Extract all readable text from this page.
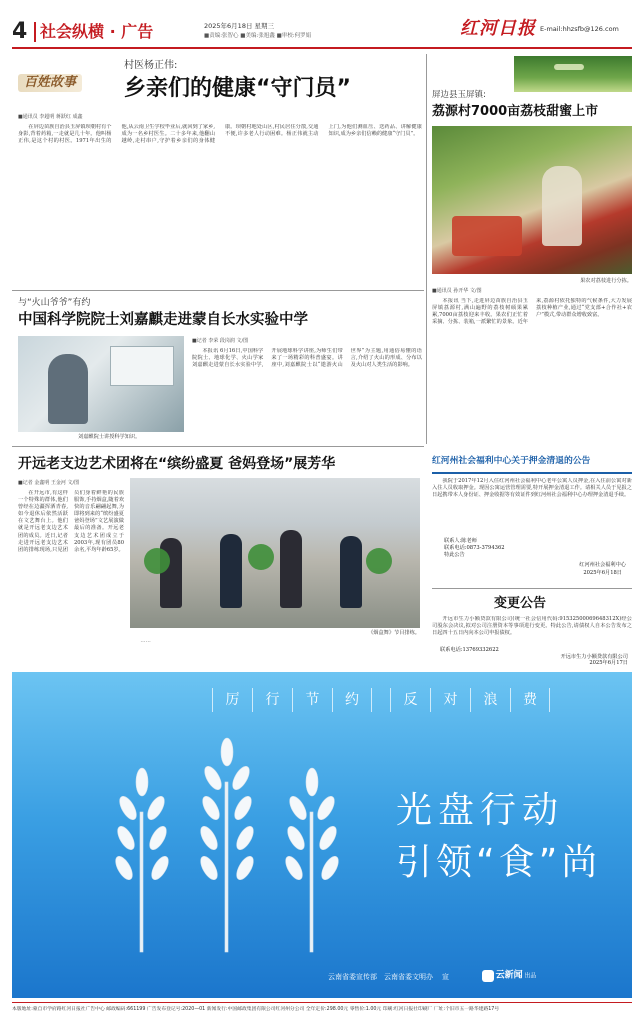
4 社会纵横 · 广告	2025年6月18日 星期三
■责编:张智心 ■美编:张旭鑫 ■审校:何罗娟	红河日报 E-mail:hhzsfb@126.com
百姓故事
村医杨正伟:
乡亲们的健康“守门员”
■通讯员 李超明 蒋跃红 成鑫

在屏边苗族自治县玉屏镇坝朝村有个身影,背着药箱,一走就是几十年。他叫杨正伟,是这个村的村医。1971年出生的他,从云南卫生学校毕业后,就回到了家乡,成为一名乡村医生。二十多年来,他翻山越岭,走村串户,守护着乡亲们的身体健康。坝朝村地处山区,村民居住分散,交通不便,许多老人行动困难。杨正伟就主动上门,为他们测血压、送药品、讲解健康知识,成为乡亲们信赖的健康“守门员”。

屏边县玉屏镇:
荔源村7000亩荔枝甜蜜上市
果农对荔枝进行分拣。
■通讯员 孙开华 文/图

本报讯 当下,走进屏边苗族自治县玉屏镇荔源村,满山遍野的荔枝树硕果累累,7000亩荔枝迎来丰收。果农们正忙着采摘、分拣、装箱,一派繁忙的景象。近年来,荔源村依托独特的气候条件,大力发展荔枝种植产业,通过“党支部+合作社+农户”模式,带动群众增收致富。

与“火山爷爷”有约
中国科学院院士刘嘉麒走进蒙自长水实验中学
刘嘉麒院士讲授科学知识。
■记者 李荣 段岗润 文/图

本报讯 6月16日,中国科学院院士、地球化学、火山学家刘嘉麒走进蒙自长水实验中学,开展地球科学讲座,为师生们带来了一场精彩的科普盛宴。讲座中,刘嘉麒院士以“遨游火山世界”为主题,用通俗易懂的语言,介绍了火山的形成、分布以及火山对人类生活的影响。

开远老支边艺术团将在“缤纷盛夏 爸妈登场”展芳华
■记者 金鑫明 王金河 文/图

在开远市,有这样一个特殊的群体,他们曾经在边疆挥洒青春,如今退休后依然活跃在文艺舞台上。他们就是开远老支边艺术团的成员。近日,记者走进开远老支边艺术团的排练现场,只见团员们身着鲜艳的民族服饰,手持烟盒,随着欢快的音乐翩翩起舞,为即将到来的“缤纷盛夏 爸妈登场”文艺展演做最后的准备。开远老支边艺术团成立于2003年,现有团员80余名,平均年龄65岁。

《烟盒舞》节目排练。

……

红河州社会福利中心关于押金清退的公告

我院于2017年12月入住红河州社会福利中心老年公寓人员押金,在入住前公寓对新入住人员收取押金。现因公寓运营管理需要,特开展押金清退工作。请相关人员于见报之日起携带本人身份证、押金收据等有效证件到红河州社会福利中心办理押金清退手续。

联系人:陈老师
联系电话:0873-3794362
特此公告
红河州社会福利中心
2025年6月18日
变更公告

开远市生力小额贷款有限公司(统一社会信用代码:91532500069648312X)经公司股东会决议,拟对公司注册资本等事项进行变更。特此公告,请债权人自本公告发布之日起四十五日内向本公司申报债权。

联系电话:13769332622
开远市生力小额贷款有限公司
2025年6月17日
厉	行	节	约	反	对	浪	费
光盘行动
引领“食”尚
云南省委宣传部 云南省委文明办 宣	云新闻 出品
本版地址:蒙自市学府路红河日报社广告中心 邮政编码:661199 广告发布登记号:2020—01 新闻发行:中国邮政集团有限公司红河州分公司 全年定价:298.00元 零售价:1.00元 印刷:红河日报社印刷厂 厂址:个旧市五一路华建路17号
